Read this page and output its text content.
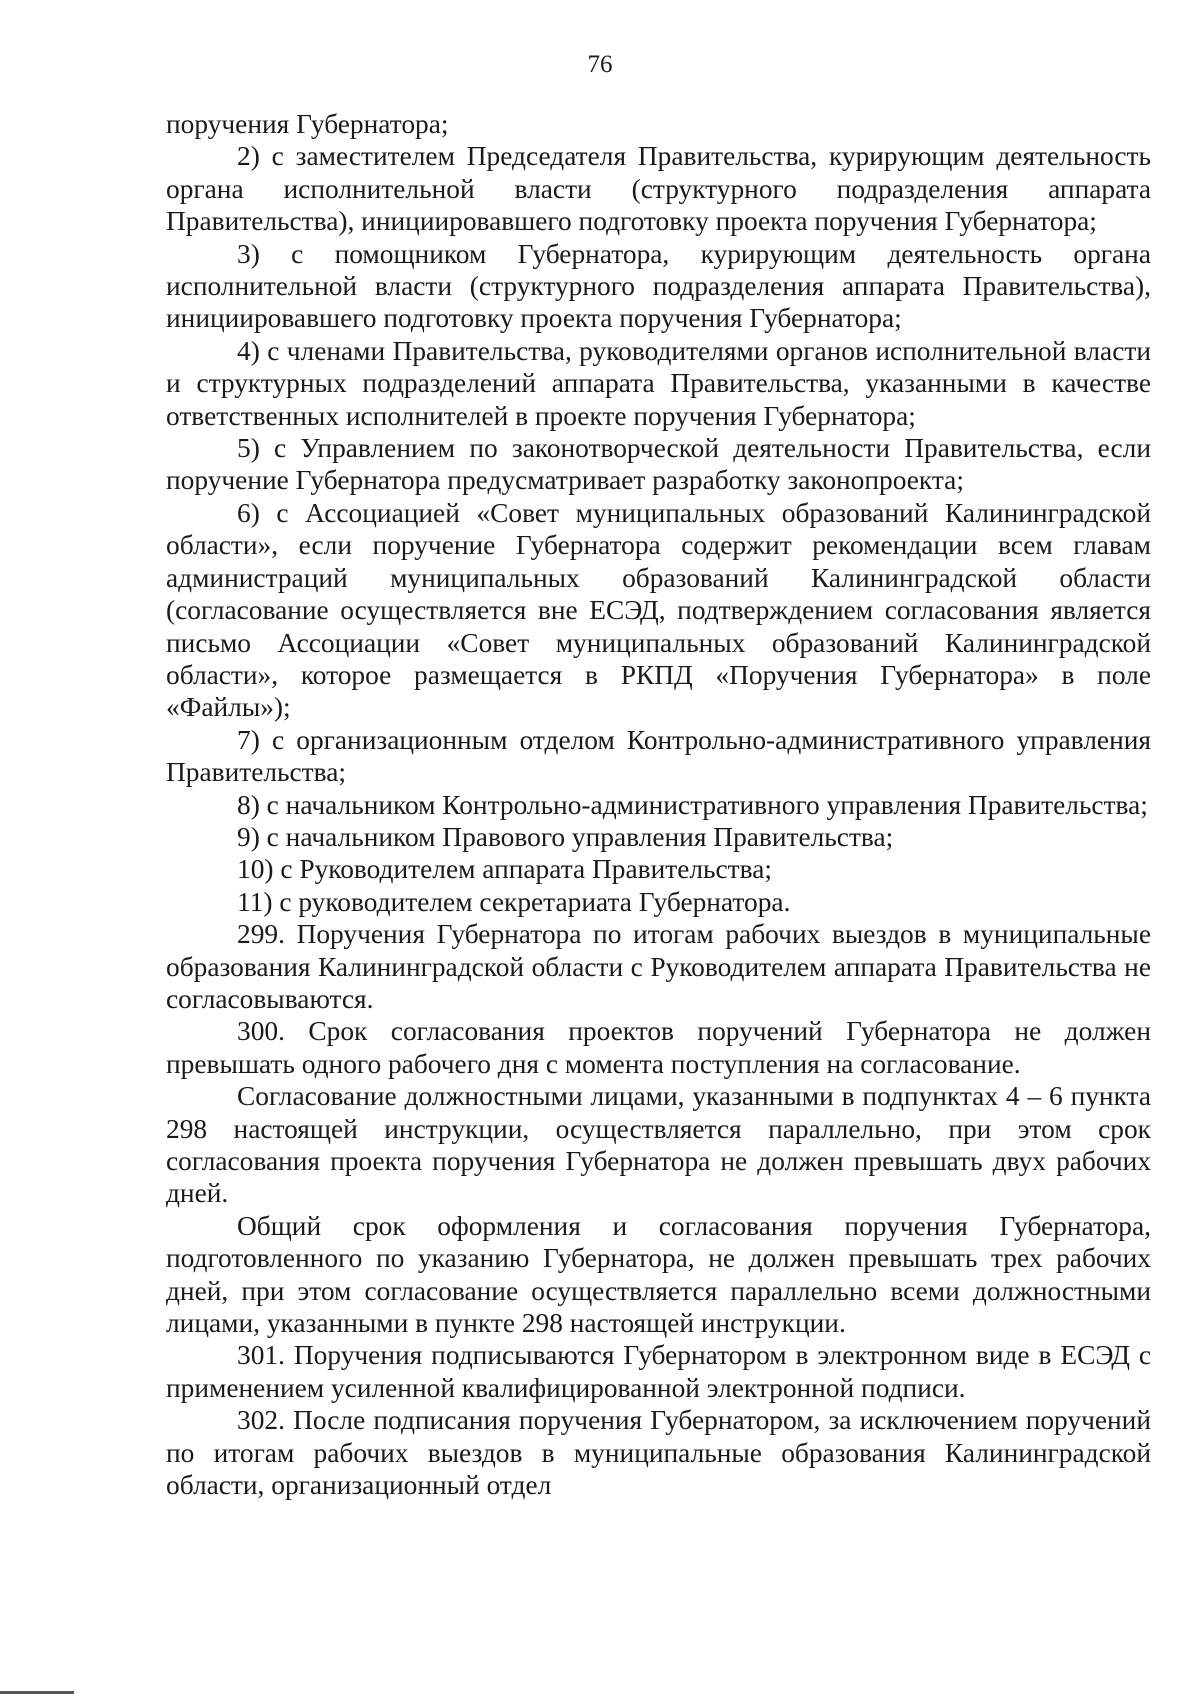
76

поручения Губернатора;

2) с заместителем Председателя Правительства, курирующим деятельность органа исполнительной власти (структурного подразделения аппарата Правительства), инициировавшего подготовку проекта поручения Губернатора;

3) с помощником Губернатора, курирующим деятельность органа исполнительной власти (структурного подразделения аппарата Правительства), инициировавшего подготовку проекта поручения Губернатора;

4) с членами Правительства, руководителями органов исполнительной власти и структурных подразделений аппарата Правительства, указанными в качестве ответственных исполнителей в проекте поручения Губернатора;

5) с Управлением по законотворческой деятельности Правительства, если поручение Губернатора предусматривает разработку законопроекта;

6) с Ассоциацией «Совет муниципальных образований Калининградской области», если поручение Губернатора содержит рекомендации всем главам администраций муниципальных образований Калининградской области (согласование осуществляется вне ЕСЭД, подтверждением согласования является письмо Ассоциации «Совет муниципальных образований Калининградской области», которое размещается в РКПД «Поручения Губернатора» в поле «Файлы»);

7) с организационным отделом Контрольно-административного управления Правительства;

8) с начальником Контрольно-административного управления Правительства;

9) с начальником Правового управления Правительства;

10) с Руководителем аппарата Правительства;

11) с руководителем секретариата Губернатора.

299. Поручения Губернатора по итогам рабочих выездов в муниципальные образования Калининградской области с Руководителем аппарата Правительства не согласовываются.

300. Срок согласования проектов поручений Губернатора не должен превышать одного рабочего дня с момента поступления на согласование.

Согласование должностными лицами, указанными в подпунктах 4 – 6 пункта 298 настоящей инструкции, осуществляется параллельно, при этом срок согласования проекта поручения Губернатора не должен превышать двух рабочих дней.

Общий срок оформления и согласования поручения Губернатора, подготовленного по указанию Губернатора, не должен превышать трех рабочих дней, при этом согласование осуществляется параллельно всеми должностными лицами, указанными в пункте 298 настоящей инструкции.

301. Поручения подписываются Губернатором в электронном виде в ЕСЭД с применением усиленной квалифицированной электронной подписи.

302. После подписания поручения Губернатором, за исключением поручений по итогам рабочих выездов в муниципальные образования Калининградской области, организационный отдел
